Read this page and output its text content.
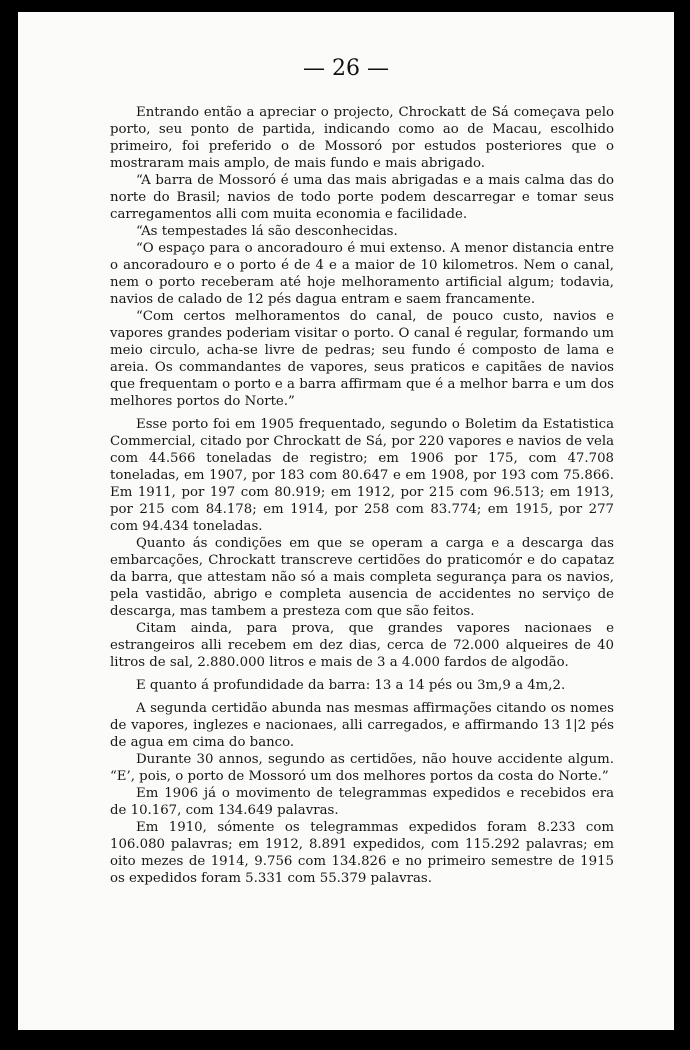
— 26 —

Entrando então a apreciar o projecto, Chrockatt de Sá começava pelo porto, seu ponto de partida, indicando como ao de Macau, escolhido primeiro, foi preferido o de Mossoró por estudos posteriores que o mostraram mais amplo, de mais fundo e mais abrigado.

“A barra de Mossoró é uma das mais abrigadas e a mais calma das do norte do Brasil; navios de todo porte podem descarregar e tomar seus carregamentos alli com muita economia e facilidade.

“As tempestades lá são desconhecidas.

“O espaço para o ancoradouro é mui extenso. A menor distancia entre o ancoradouro e o porto é de 4 e a maior de 10 kilometros. Nem o canal, nem o porto receberam até hoje melhoramento artificial algum; todavia, navios de calado de 12 pés dagua entram e saem francamente.

“Com certos melhoramentos do canal, de pouco custo, navios e vapores grandes poderiam visitar o porto. O canal é regular, formando um meio circulo, acha-se livre de pedras; seu fundo é composto de lama e areia. Os commandantes de vapores, seus praticos e capitães de navios que frequentam o porto e a barra affirmam que é a melhor barra e um dos melhores portos do Norte.”

Esse porto foi em 1905 frequentado, segundo o Boletim da Estatistica Commercial, citado por Chrockatt de Sá, por 220 vapores e navios de vela com 44.566 toneladas de registro; em 1906 por 175, com 47.708 toneladas, em 1907, por 183 com 80.647 e em 1908, por 193 com 75.866. Em 1911, por 197 com 80.919; em 1912, por 215 com 96.513; em 1913, por 215 com 84.178; em 1914, por 258 com 83.774; em 1915, por 277 com 94.434 toneladas.

Quanto ás condições em que se operam a carga e a descarga das embarcações, Chrockatt transcreve certidões do praticomór e do capataz da barra, que attestam não só a mais completa segurança para os navios, pela vastidão, abrigo e completa ausencia de accidentes no serviço de descarga, mas tambem a presteza com que são feitos.

Citam ainda, para prova, que grandes vapores nacionaes e estrangeiros alli recebem em dez dias, cerca de 72.000 alqueires de 40 litros de sal, 2.880.000 litros e mais de 3 a 4.000 fardos de algodão.

E quanto á profundidade da barra: 13 a 14 pés ou 3m,9 a 4m,2.

A segunda certidão abunda nas mesmas affirmações citando os nomes de vapores, inglezes e nacionaes, alli carregados, e affirmando 13 1|2 pés de agua em cima do banco.

Durante 30 annos, segundo as certidões, não houve accidente algum. “E’, pois, o porto de Mossoró um dos melhores portos da costa do Norte.”

Em 1906 já o movimento de telegrammas expedidos e recebidos era de 10.167, com 134.649 palavras.

Em 1910, sómente os telegrammas expedidos foram 8.233 com 106.080 palavras; em 1912, 8.891 expedidos, com 115.292 palavras; em oito mezes de 1914, 9.756 com 134.826 e no primeiro semestre de 1915 os expedidos foram 5.331 com 55.379 palavras.
